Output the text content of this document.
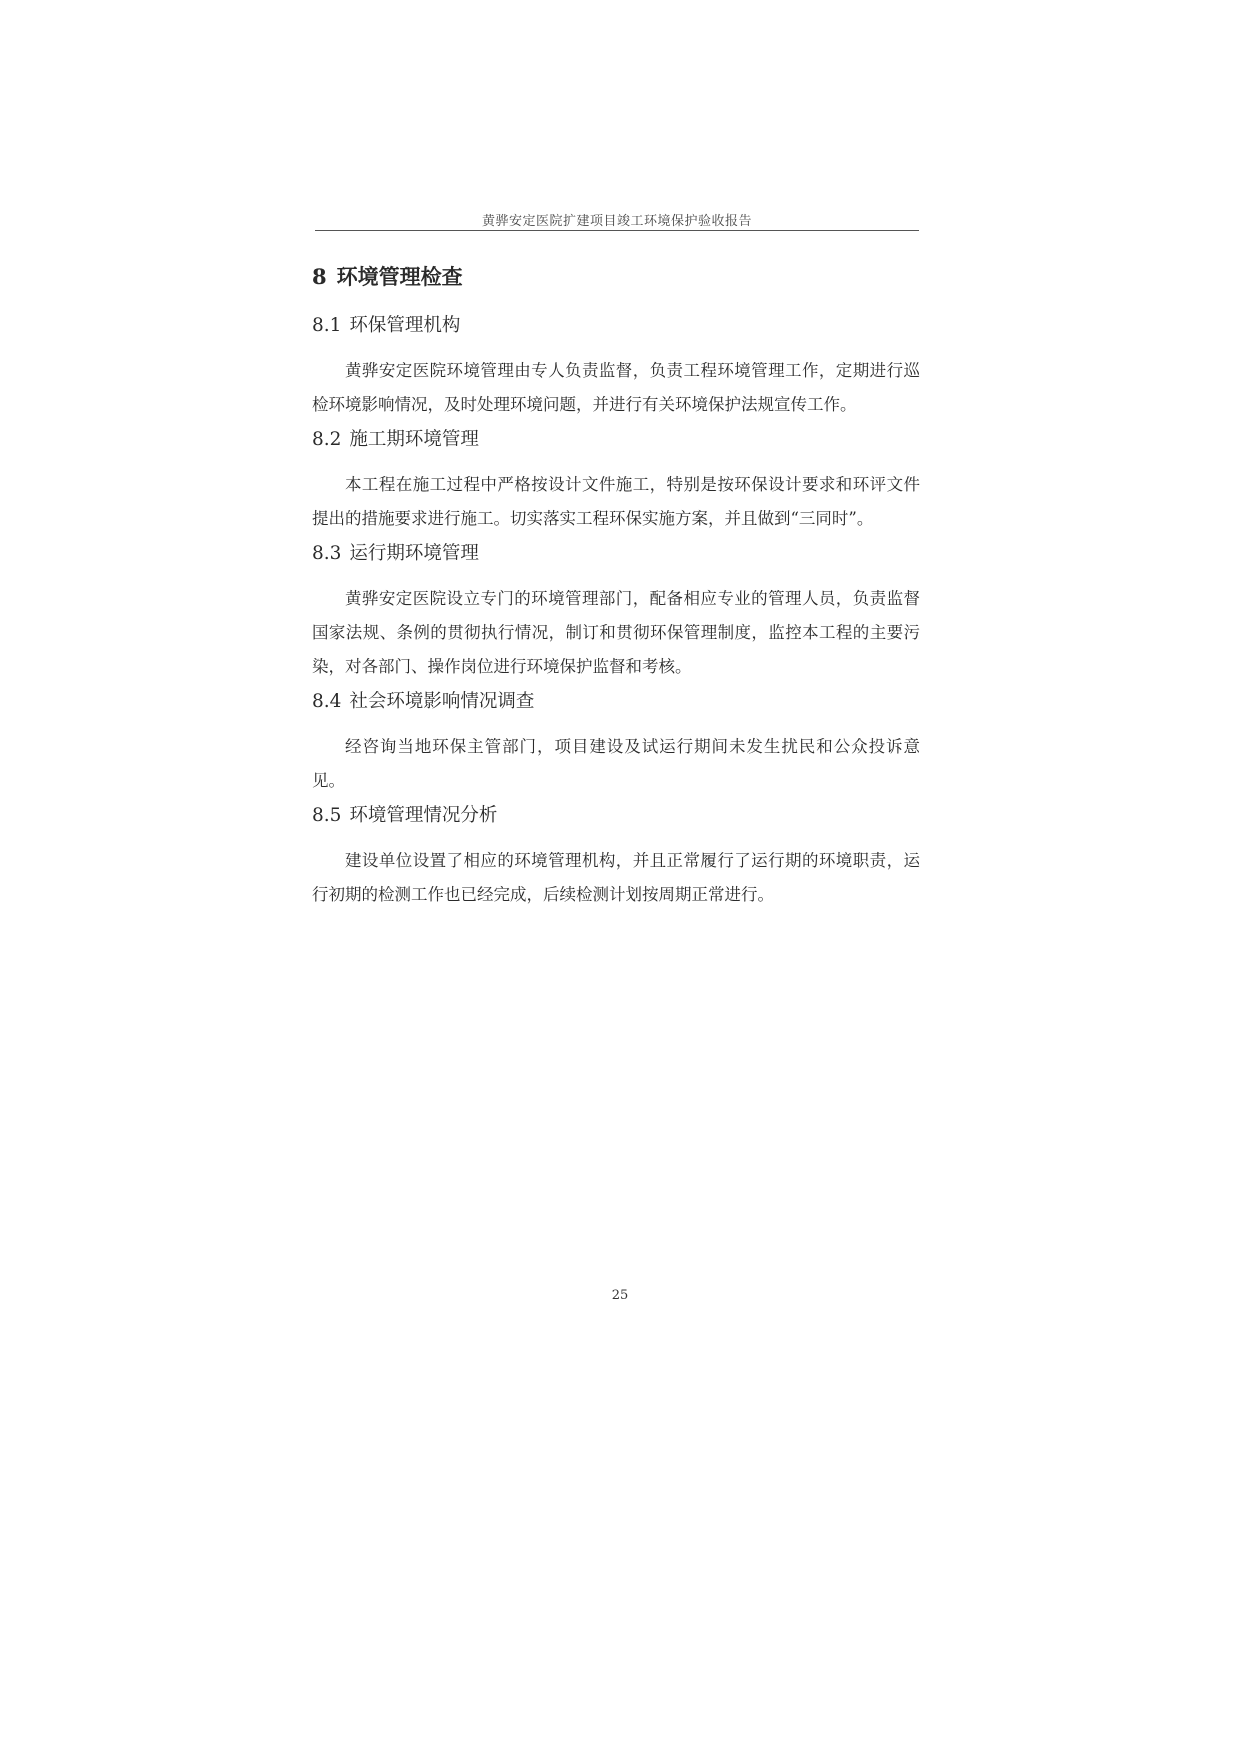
黄骅安定医院扩建项目竣工环境保护验收报告
8 环境管理检查
8.1 环保管理机构

黄骅安定医院环境管理由专人负责监督，负责工程环境管理工作，定期进行巡检环境影响情况，及时处理环境问题，并进行有关环境保护法规宣传工作。

8.2 施工期环境管理

本工程在施工过程中严格按设计文件施工，特别是按环保设计要求和环评文件提出的措施要求进行施工。切实落实工程环保实施方案，并且做到“三同时”。

8.3 运行期环境管理

黄骅安定医院设立专门的环境管理部门，配备相应专业的管理人员，负责监督国家法规、条例的贯彻执行情况，制订和贯彻环保管理制度，监控本工程的主要污染，对各部门、操作岗位进行环境保护监督和考核。

8.4 社会环境影响情况调查

经咨询当地环保主管部门，项目建设及试运行期间未发生扰民和公众投诉意见。

8.5 环境管理情况分析

建设单位设置了相应的环境管理机构，并且正常履行了运行期的环境职责，运行初期的检测工作也已经完成，后续检测计划按周期正常进行。

25
